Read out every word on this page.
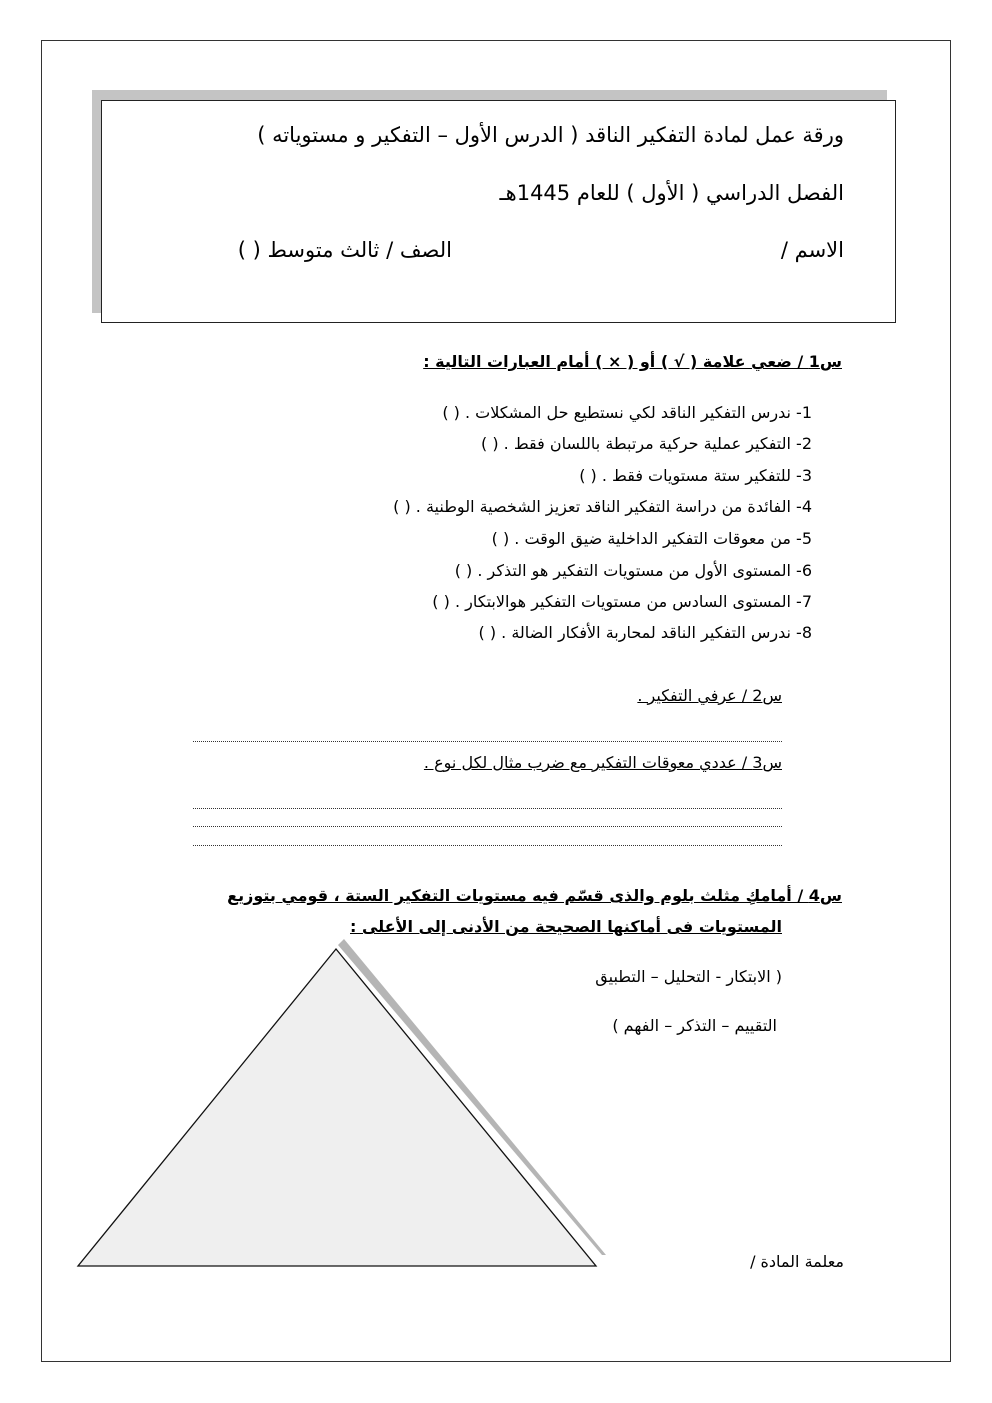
ورقة عمل لمادة التفكير الناقد ( الدرس الأول – التفكير و مستوياته )
الفصل الدراسي ( الأول ) للعام 1445هـ
الاسم /
الصف / ثالث متوسط ( )
س1 / ضعي علامة ( √ ) أو ( × ) أمام العبارات التالية :
1- ندرس التفكير الناقد لكي نستطيع حل المشكلات . ( )
2- التفكير عملية حركية مرتبطة باللسان فقط . ( )
3- للتفكير ستة مستويات فقط . ( )
4- الفائدة من دراسة التفكير الناقد تعزيز الشخصية الوطنية . ( )
5- من معوقات التفكير الداخلية ضيق الوقت . ( )
6- المستوى الأول من مستويات التفكير هو التذكر . ( )
7- المستوى السادس من مستويات التفكير هوالابتكار . ( )
8- ندرس التفكير الناقد لمحاربة الأفكار الضالة . ( )
س2 / عرفي التفكير .
س3 / عددي معوقات التفكير مع ضرب مثال لكل نوع .
س4 / أمامكِ مثلث بلوم والذى قسّم فيه مستويات التفكير الستة ، قومي بتوزيع
المستويات فى أماكنها الصحيحة من الأدنى إلى الأعلى :
( الابتكار - التحليل – التطبيق
التقييم – التذكر – الفهم )
معلمة المادة /
